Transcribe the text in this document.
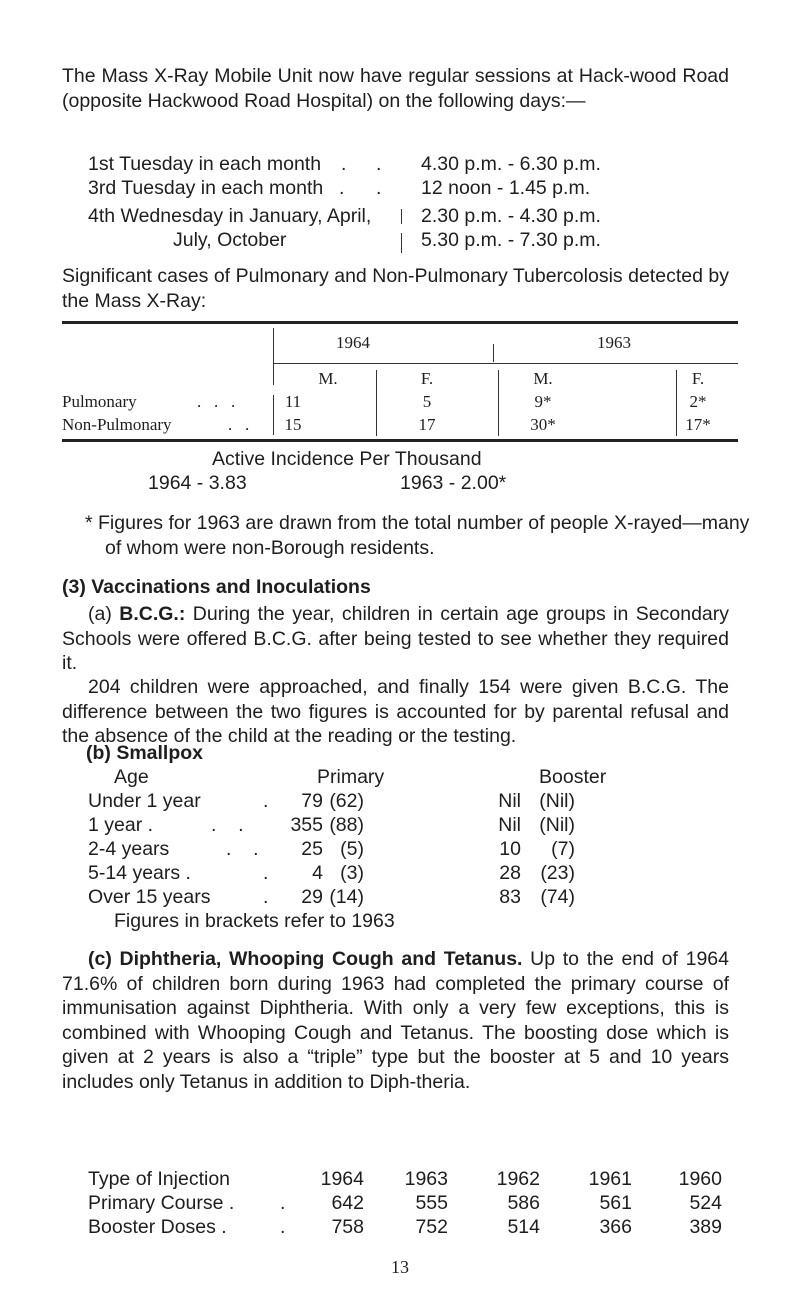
The Mass X-Ray Mobile Unit now have regular sessions at Hack-wood Road (opposite Hackwood Road Hospital) on the following days:—
1st Tuesday in each month . . 4.30 p.m. - 6.30 p.m.
3rd Tuesday in each month . . 12 noon - 1.45 p.m.
4th Wednesday in January, April,	2.30 p.m. - 4.30 p.m.
July, October	5.30 p.m. - 7.30 p.m.
Significant cases of Pulmonary and Non-Pulmonary Tubercolosis detected by the Mass X-Ray:
1964	1963
M.	F.	M.	F.
Pulmonary	.   .   .	11	5	9*	2*
Non-Pulmonary	.   .	15	17	30*	17*
Active Incidence Per Thousand
1964 - 3.83	1963 - 2.00*
* Figures for 1963 are drawn from the total number of people X-rayed—many of whom were non-Borough residents.
(3) Vaccinations and Inoculations
(a) B.C.G.: During the year, children in certain age groups in Secondary Schools were offered B.C.G. after being tested to see whether they required it.
204 children were approached, and finally 154 were given B.C.G. The difference between the two figures is accounted for by parental refusal and the absence of the child at the reading or the testing.
(b) Smallpox
Age	Primary	Booster
Under 1 year	.	79 (62)	Nil (Nil)
1 year .	.    .	355 (88)	Nil (Nil)
2-4 years	.    .	25 (5)	10	(7)
5-14 years .	.	4 (3)	28 (23)
Over 15 years	.	29 (14)	83 (74)
Figures in brackets refer to 1963
(c) Diphtheria, Whooping Cough and Tetanus. Up to the end of 1964 71.6% of children born during 1963 had completed the primary course of immunisation against Diphtheria. With only a very few exceptions, this is combined with Whooping Cough and Tetanus. The boosting dose which is given at 2 years is also a “triple” type but the booster at 5 and 10 years includes only Tetanus in addition to Diph-theria.
Type of Injection	1964	1963	1962	1961	1960
Primary Course . .	642	555	586	561	524
Booster Doses .	.	758	752	514	366	389
13
